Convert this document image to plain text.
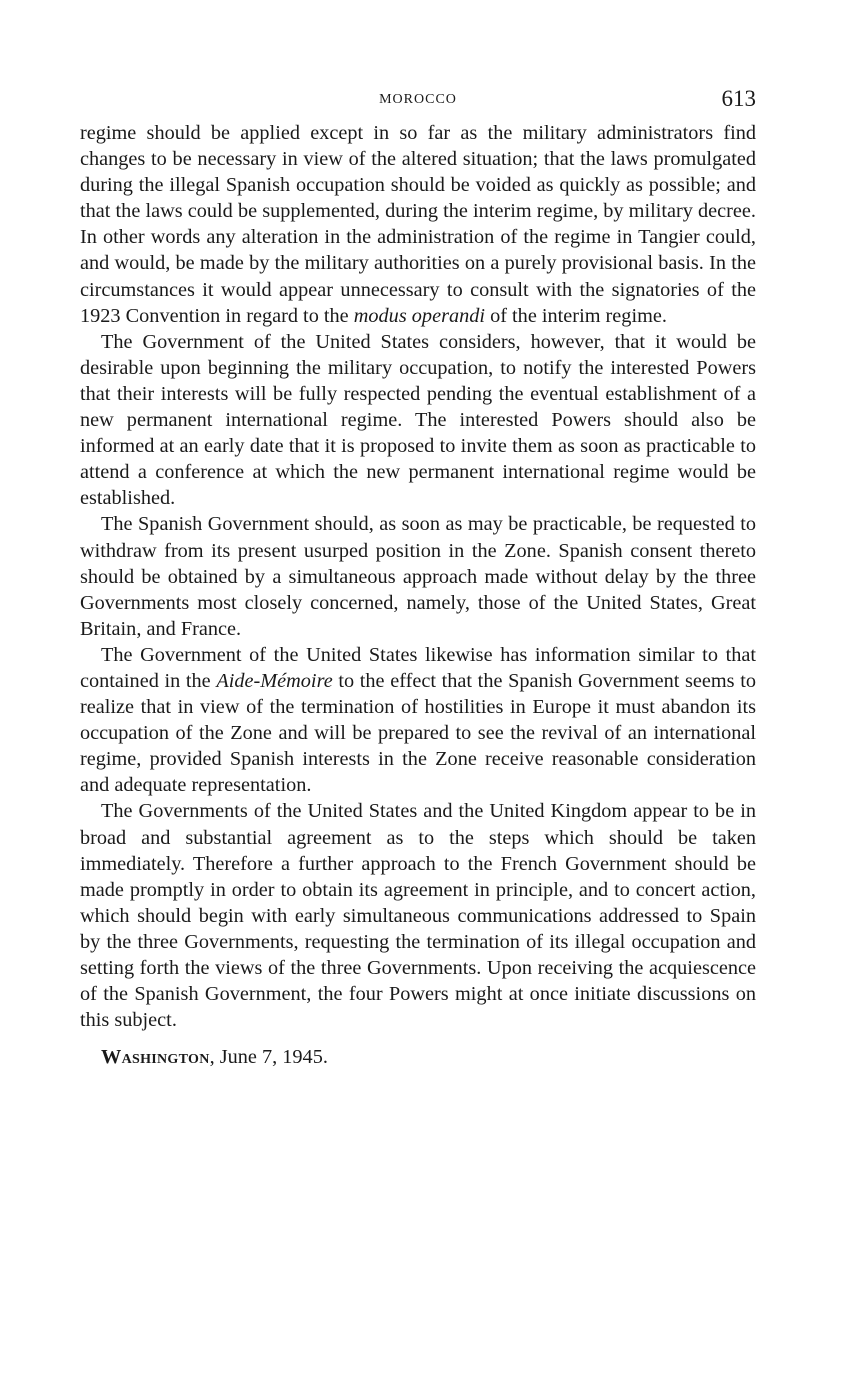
MOROCCO	613

regime should be applied except in so far as the military administrators find changes to be necessary in view of the altered situation; that the laws promulgated during the illegal Spanish occupation should be voided as quickly as possible; and that the laws could be supplemented, during the interim regime, by military decree. In other words any alteration in the administration of the regime in Tangier could, and would, be made by the military authorities on a purely provisional basis. In the circumstances it would appear unnecessary to consult with the signatories of the 1923 Convention in regard to the modus operandi of the interim regime.

The Government of the United States considers, however, that it would be desirable upon beginning the military occupation, to notify the interested Powers that their interests will be fully respected pending the eventual establishment of a new permanent international regime. The interested Powers should also be informed at an early date that it is proposed to invite them as soon as practicable to attend a conference at which the new permanent international regime would be established.

The Spanish Government should, as soon as may be practicable, be requested to withdraw from its present usurped position in the Zone. Spanish consent thereto should be obtained by a simultaneous approach made without delay by the three Governments most closely concerned, namely, those of the United States, Great Britain, and France.

The Government of the United States likewise has information similar to that contained in the Aide-Mémoire to the effect that the Spanish Government seems to realize that in view of the termination of hostilities in Europe it must abandon its occupation of the Zone and will be prepared to see the revival of an international regime, provided Spanish interests in the Zone receive reasonable consideration and adequate representation.

The Governments of the United States and the United Kingdom appear to be in broad and substantial agreement as to the steps which should be taken immediately. Therefore a further approach to the French Government should be made promptly in order to obtain its agreement in principle, and to concert action, which should begin with early simultaneous communications addressed to Spain by the three Governments, requesting the termination of its illegal occupation and setting forth the views of the three Governments. Upon receiving the acquiescence of the Spanish Government, the four Powers might at once initiate discussions on this subject.

Washington, June 7, 1945.
